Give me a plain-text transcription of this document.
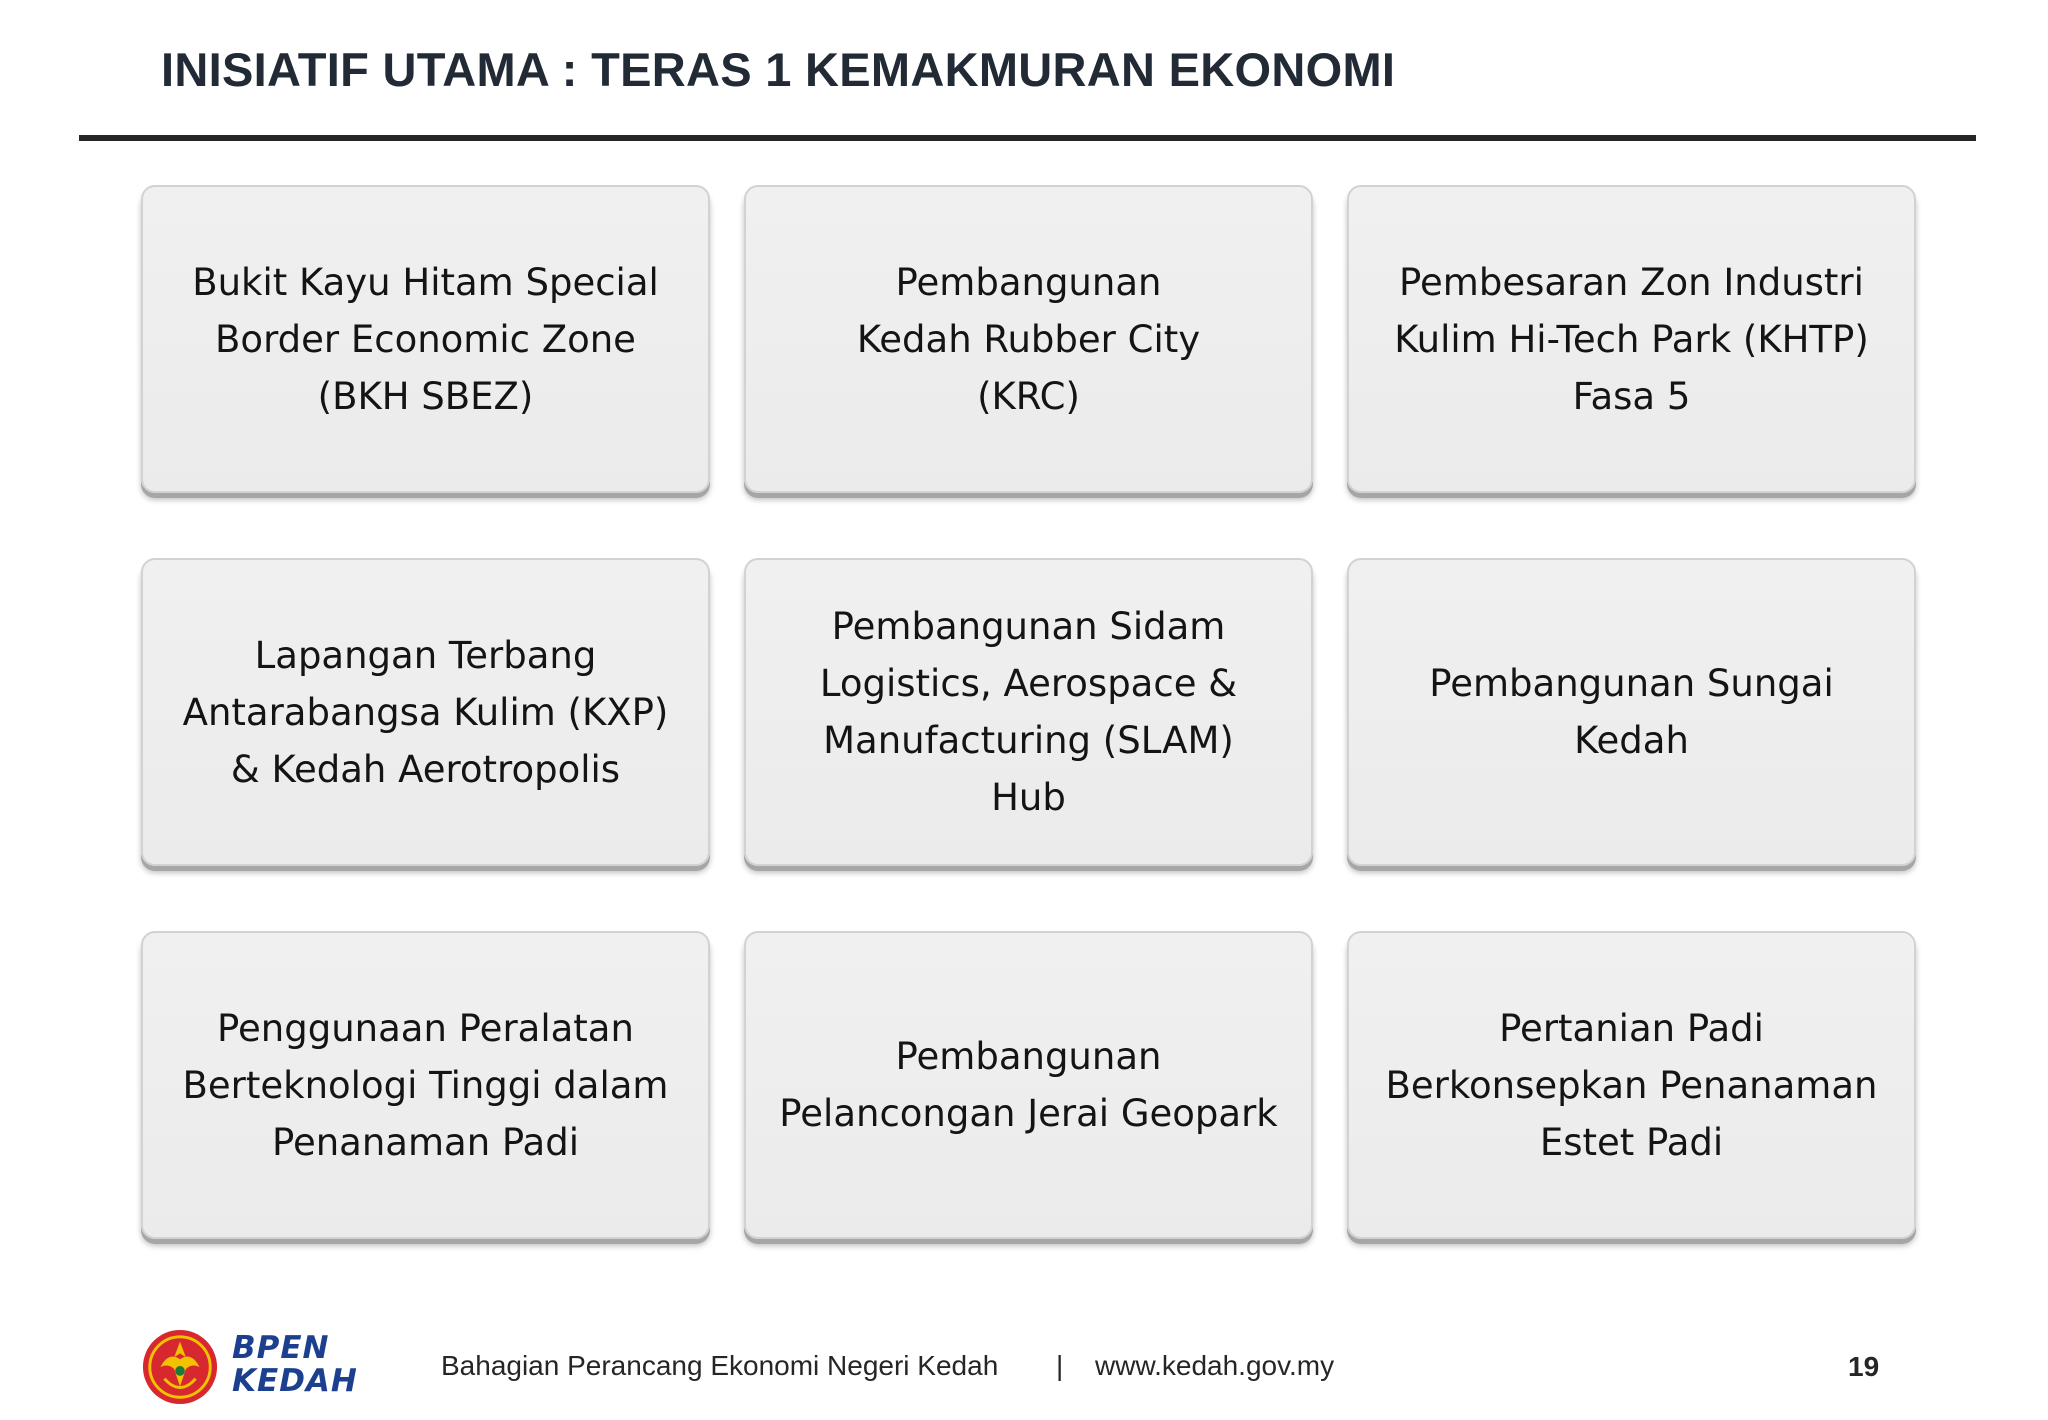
INISIATIF UTAMA : TERAS 1 KEMAKMURAN EKONOMI
Bukit Kayu Hitam Special
Border Economic Zone
(BKH SBEZ)
Pembangunan
Kedah Rubber City
(KRC)
Pembesaran Zon Industri
Kulim Hi-Tech Park (KHTP)
Fasa 5
Lapangan Terbang
Antarabangsa Kulim (KXP)
& Kedah Aerotropolis
Pembangunan Sidam
Logistics, Aerospace &
Manufacturing (SLAM)
Hub
Pembangunan Sungai
Kedah
Penggunaan Peralatan
Berteknologi Tinggi dalam
Penanaman Padi
Pembangunan
Pelancongan Jerai Geopark
Pertanian Padi
Berkonsepkan Penanaman
Estet Padi
BPEN
KEDAH	Bahagian Perancang Ekonomi Negeri Kedah | www.kedah.gov.my	19
